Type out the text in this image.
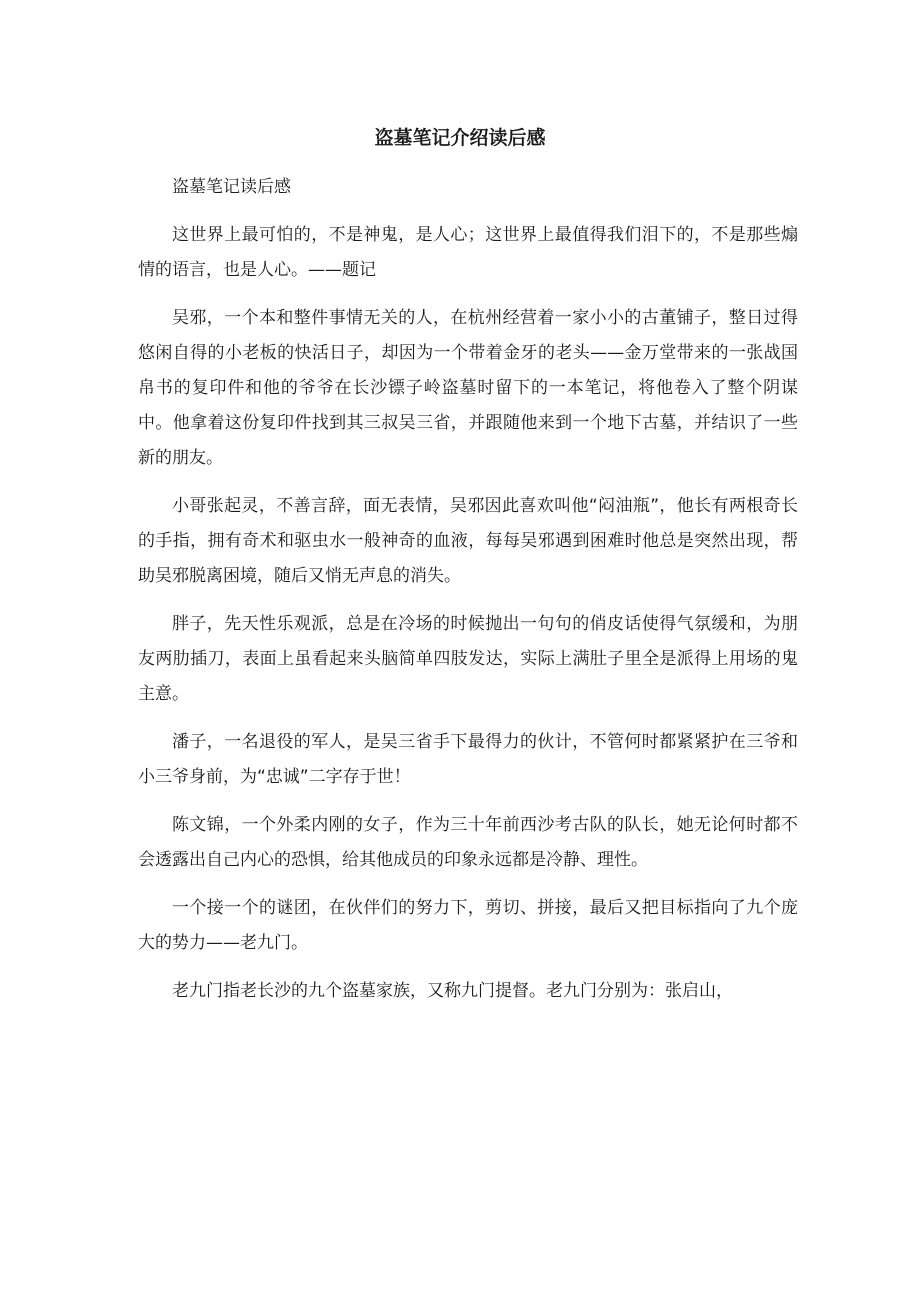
盗墓笔记介绍读后感

盗墓笔记读后感

这世界上最可怕的，不是神鬼，是人心；这世界上最值得我们泪下的，不是那些煽情的语言，也是人心。——题记

吴邪，一个本和整件事情无关的人，在杭州经营着一家小小的古董铺子，整日过得悠闲自得的小老板的快活日子，却因为一个带着金牙的老头——金万堂带来的一张战国帛书的复印件和他的爷爷在长沙镖子岭盗墓时留下的一本笔记，将他卷入了整个阴谋中。他拿着这份复印件找到其三叔吴三省，并跟随他来到一个地下古墓，并结识了一些新的朋友。

小哥张起灵，不善言辞，面无表情，吴邪因此喜欢叫他“闷油瓶”，他长有两根奇长的手指，拥有奇术和驱虫水一般神奇的血液，每每吴邪遇到困难时他总是突然出现，帮助吴邪脱离困境，随后又悄无声息的消失。

胖子，先天性乐观派，总是在冷场的时候抛出一句句的俏皮话使得气氛缓和，为朋友两肋插刀，表面上虽看起来头脑简单四肢发达，实际上满肚子里全是派得上用场的鬼主意。

潘子，一名退役的军人，是吴三省手下最得力的伙计，不管何时都紧紧护在三爷和小三爷身前，为“忠诚”二字存于世！

陈文锦，一个外柔内刚的女子，作为三十年前西沙考古队的队长，她无论何时都不会透露出自己内心的恐惧，给其他成员的印象永远都是冷静、理性。

一个接一个的谜团，在伙伴们的努力下，剪切、拼接，最后又把目标指向了九个庞大的势力——老九门。

老九门指老长沙的九个盗墓家族，又称九门提督。老九门分别为：张启山，
